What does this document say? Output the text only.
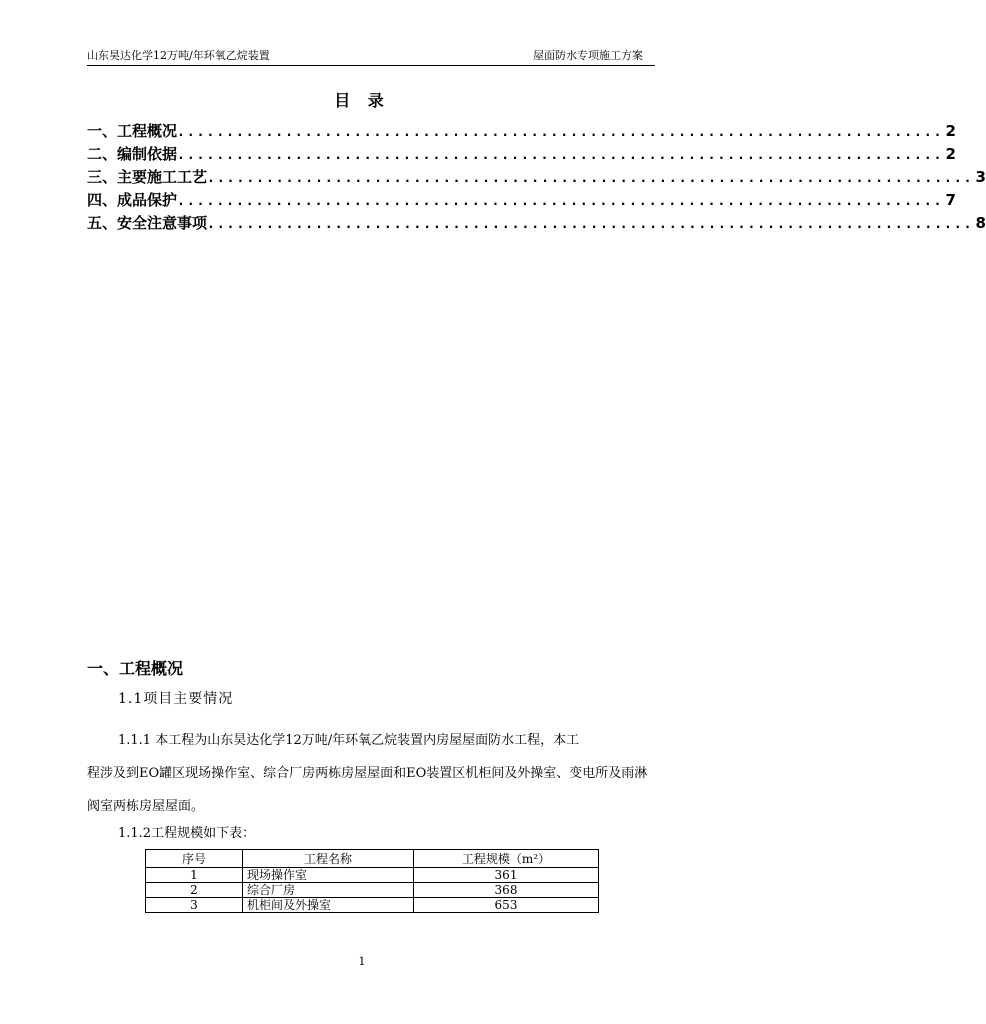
山东昊达化学12万吨/年环氧乙烷装置	屋面防水专项施工方案
目 录
一、工程概况 .............................................................................. 2
二、编制依据 .............................................................................. 2
三、主要施工工艺 .............................................................................. 3
四、成品保护 .............................................................................. 7
五、安全注意事项 .............................................................................. 8
一、工程概况
1.1项目主要情况
1.1.1 本工程为山东昊达化学12万吨/年环氧乙烷装置内房屋屋面防水工程，本工
程涉及到EO罐区现场操作室、综合厂房两栋房屋屋面和EO装置区机柜间及外操室、变电所及雨淋阀室两栋房屋屋面。
1.1.2工程规模如下表：
序号	工程名称	工程规模（m²）
1	现场操作室	361
2	综合厂房	368
3	机柜间及外操室	653
1
